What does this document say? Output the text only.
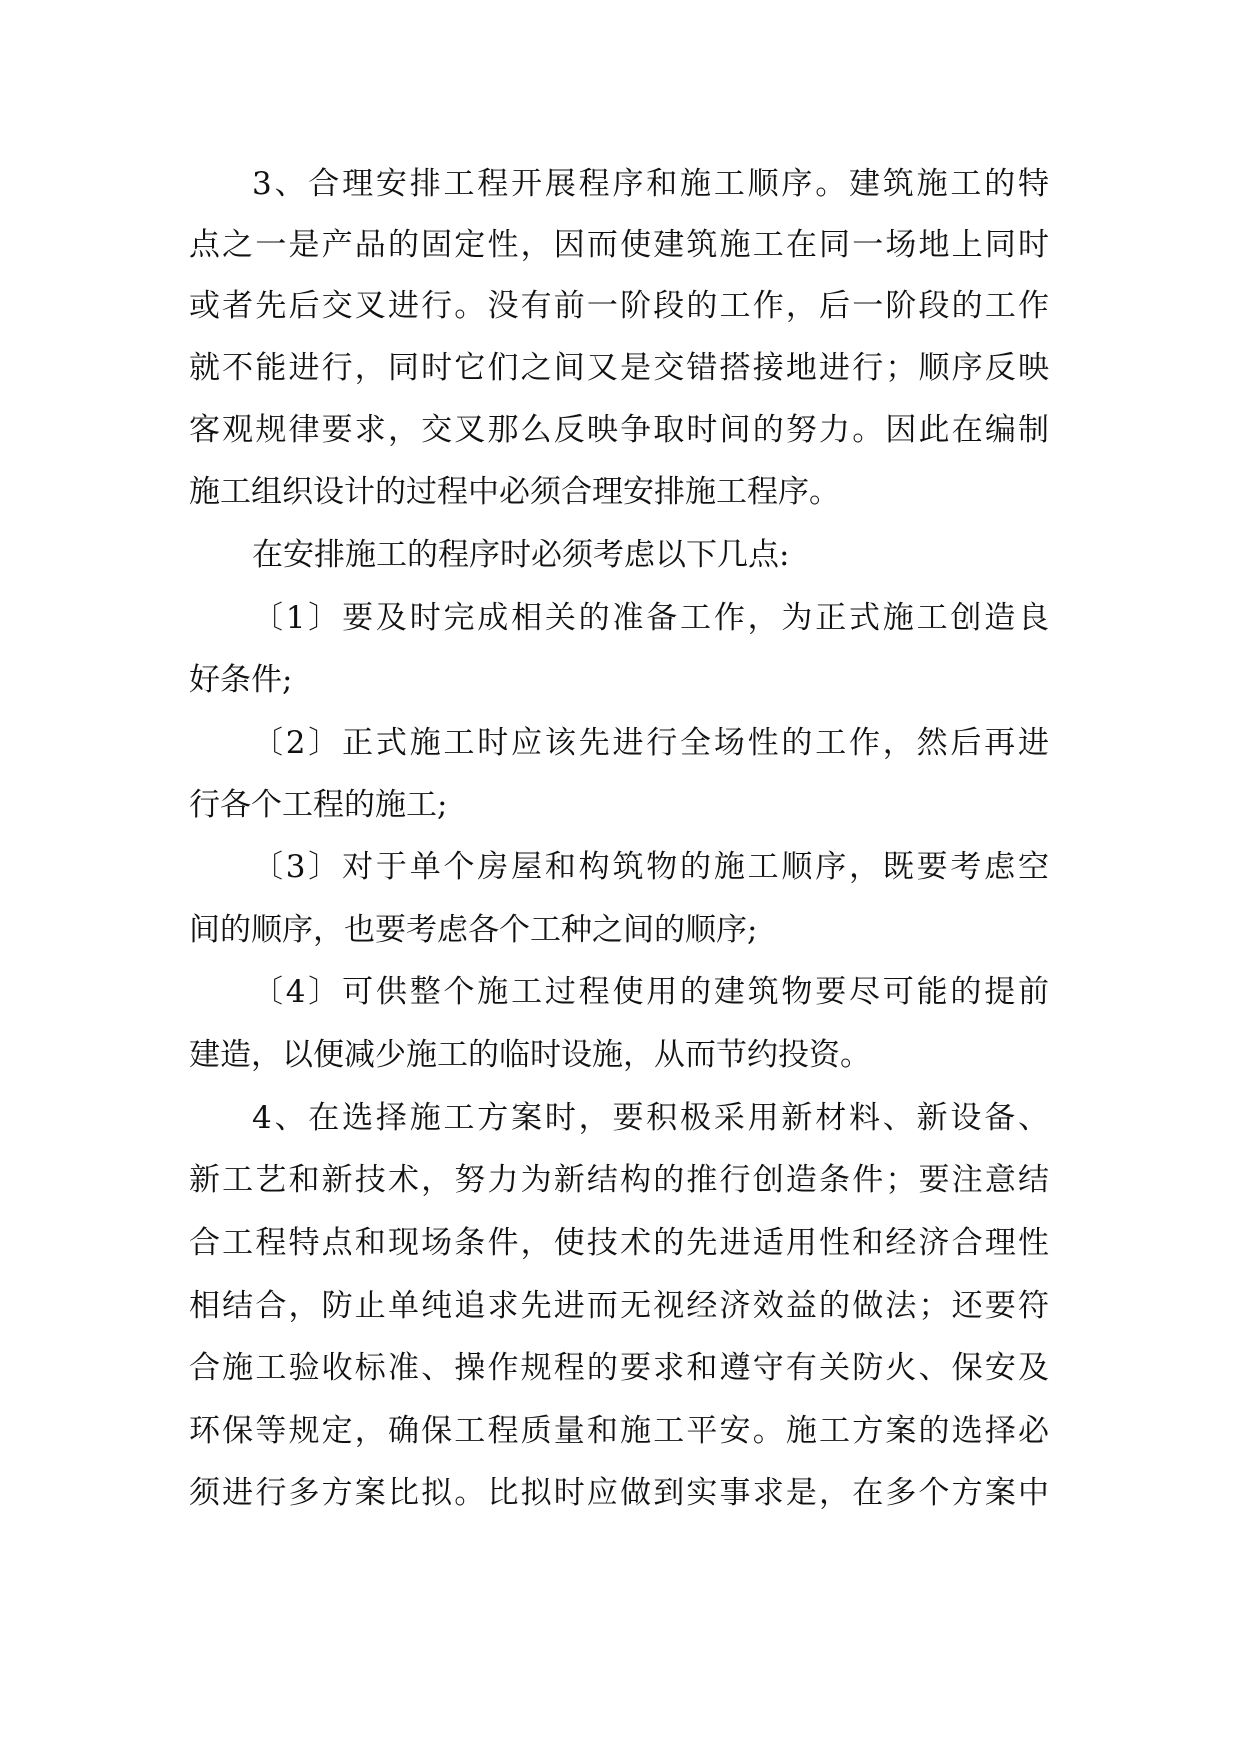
3、合理安排工程开展程序和施工顺序。建筑施工的特
点之一是产品的固定性，因而使建筑施工在同一场地上同时
或者先后交叉进行。没有前一阶段的工作，后一阶段的工作
就不能进行，同时它们之间又是交错搭接地进行；顺序反映
客观规律要求，交叉那么反映争取时间的努力。因此在编制
施工组织设计的过程中必须合理安排施工程序。
在安排施工的程序时必须考虑以下几点:
〔1〕要及时完成相关的准备工作，为正式施工创造良
好条件;
〔2〕正式施工时应该先进行全场性的工作，然后再进
行各个工程的施工;
〔3〕对于单个房屋和构筑物的施工顺序，既要考虑空
间的顺序，也要考虑各个工种之间的顺序;
〔4〕可供整个施工过程使用的建筑物要尽可能的提前
建造，以便减少施工的临时设施，从而节约投资。
4、在选择施工方案时，要积极采用新材料、新设备、
新工艺和新技术，努力为新结构的推行创造条件；要注意结
合工程特点和现场条件，使技术的先进适用性和经济合理性
相结合，防止单纯追求先进而无视经济效益的做法；还要符
合施工验收标准、操作规程的要求和遵守有关防火、保安及
环保等规定，确保工程质量和施工平安。施工方案的选择必
须进行多方案比拟。比拟时应做到实事求是，在多个方案中
